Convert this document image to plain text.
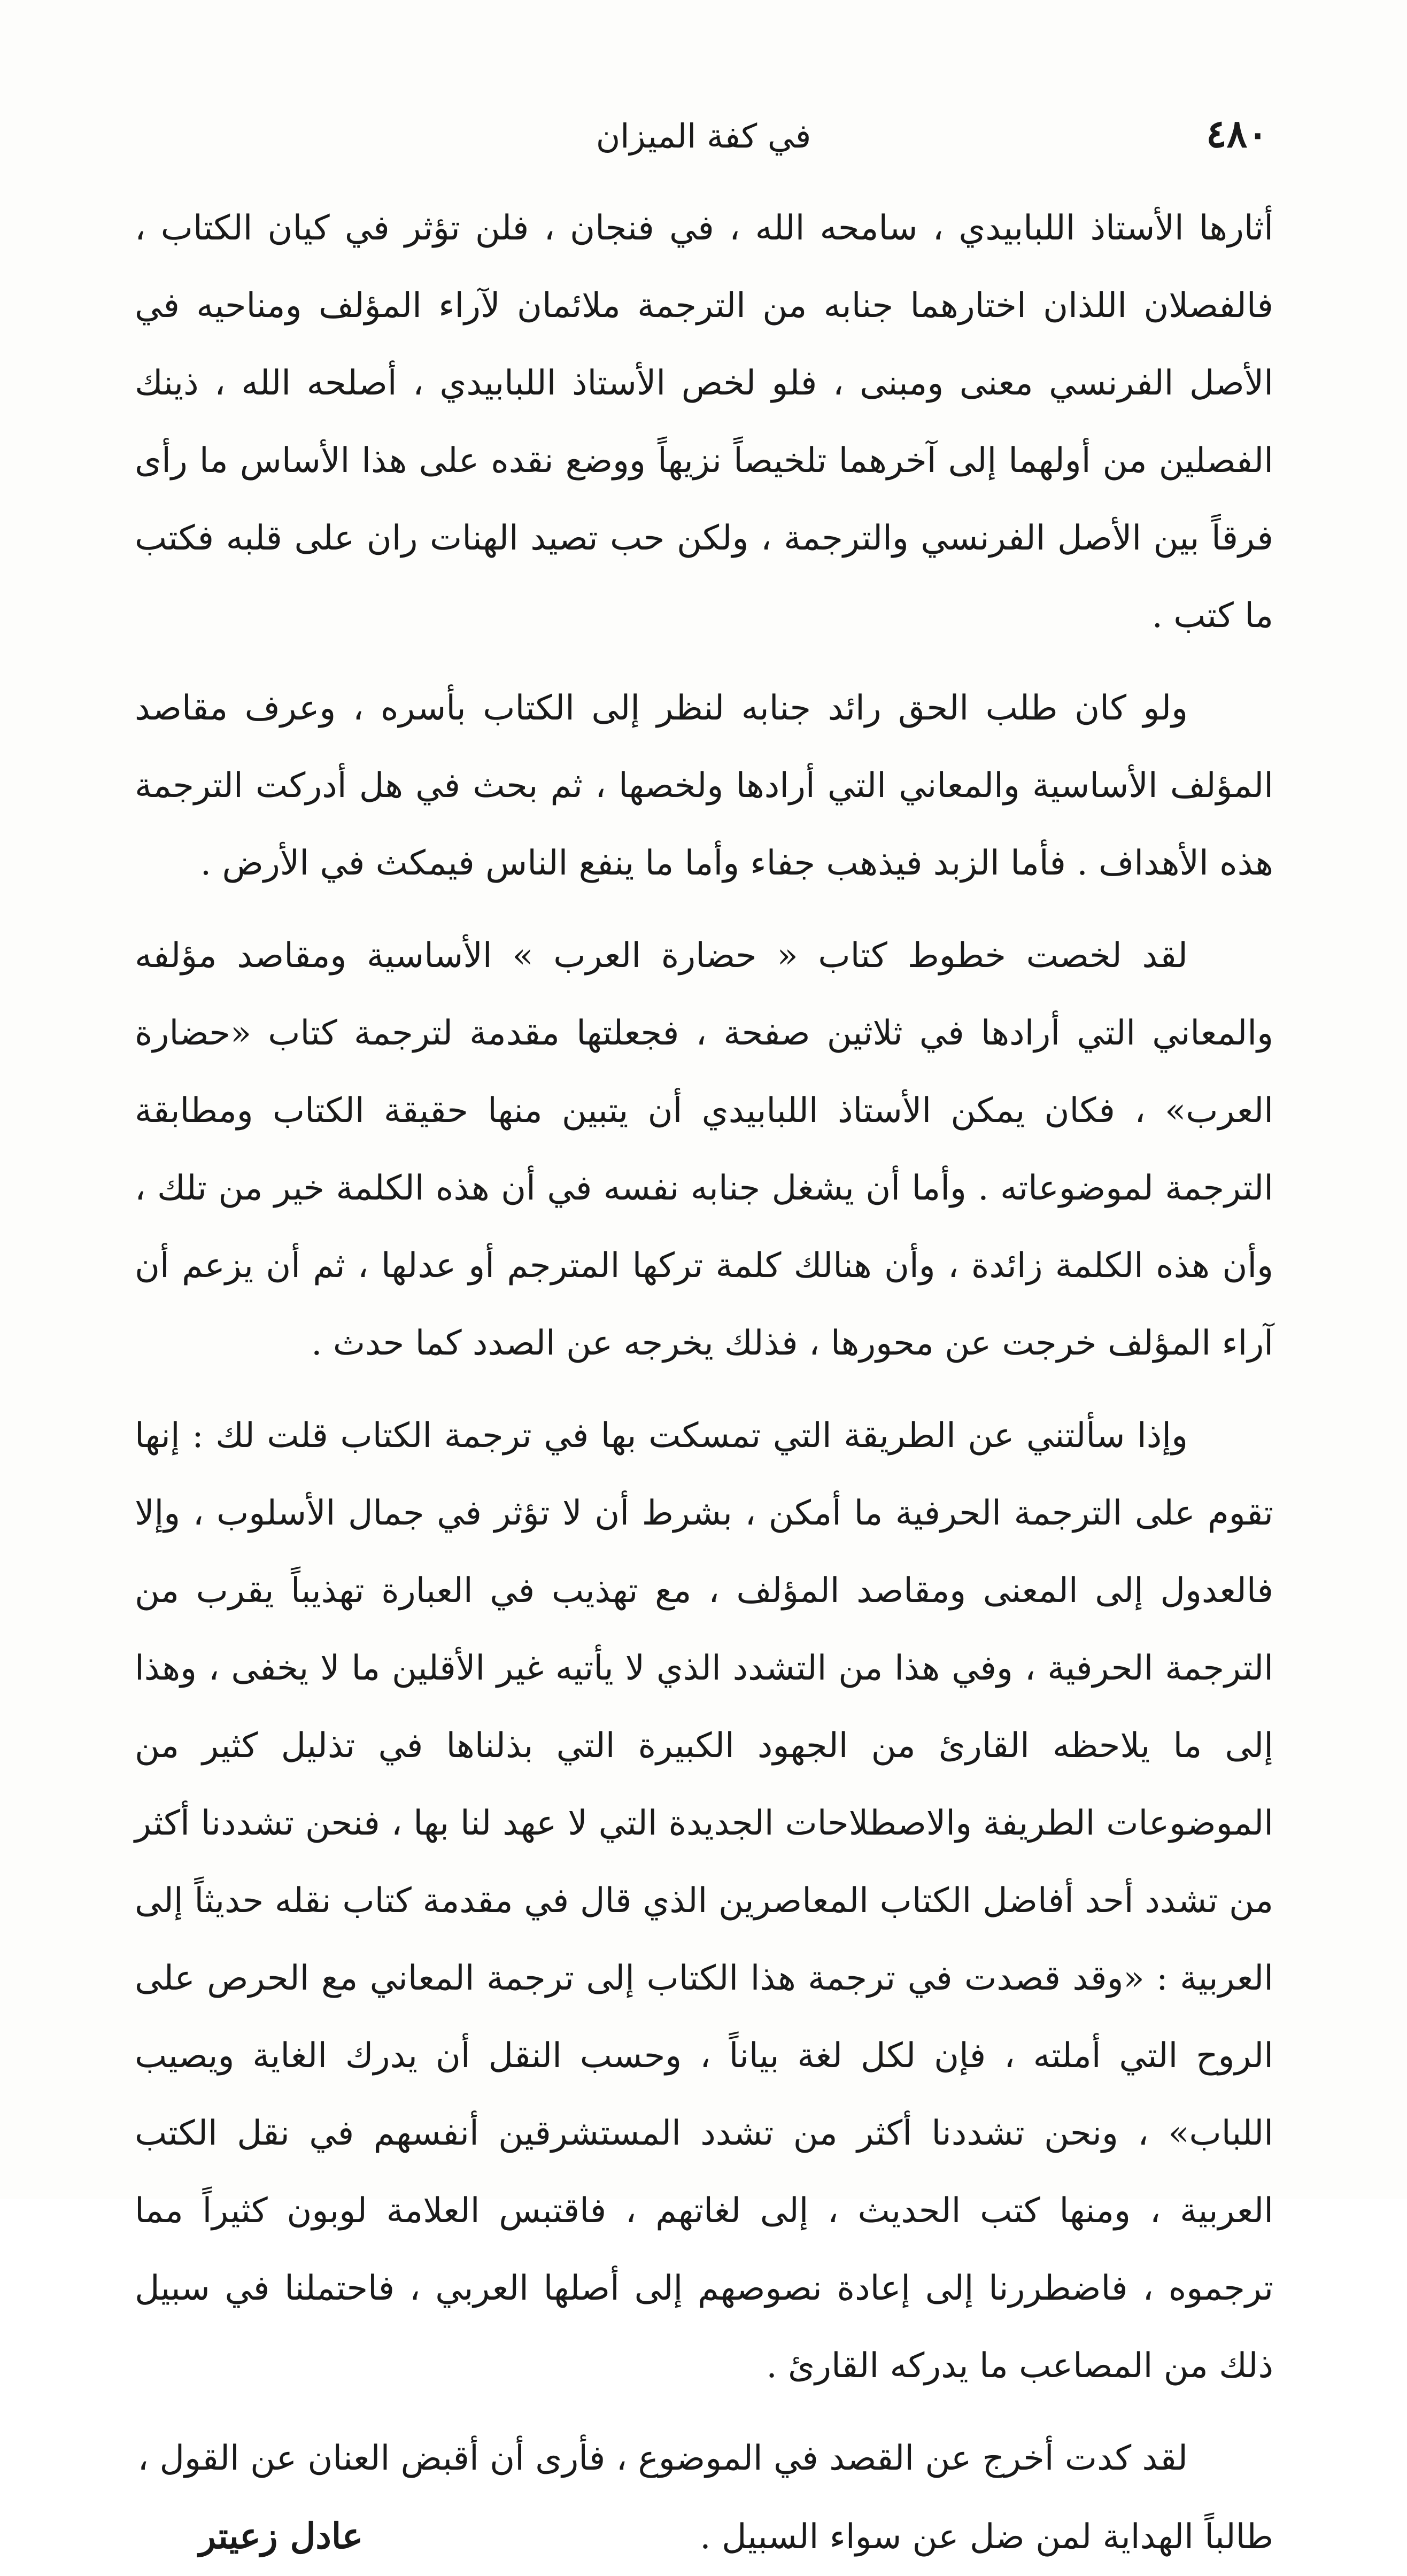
٤٨٠
في كفة الميزان

أثارها الأستاذ اللبابيدي ، سامحه الله ، في فنجان ، فلن تؤثر في كيان الكتاب ، فالفصلان اللذان اختارهما جنابه من الترجمة ملائمان لآراء المؤلف ومناحيه في الأصل الفرنسي معنى ومبنى ، فلو لخص الأستاذ اللبابيدي ، أصلحه الله ، ذينك الفصلين من أولهما إلى آخرهما تلخيصاً نزيهاً ووضع نقده على هذا الأساس ما رأى فرقاً بين الأصل الفرنسي والترجمة ، ولكن حب تصيد الهنات ران على قلبه فكتب ما كتب .

ولو كان طلب الحق رائد جنابه لنظر إلى الكتاب بأسره ، وعرف مقاصد المؤلف الأساسية والمعاني التي أرادها ولخصها ، ثم بحث في هل أدركت الترجمة هذه الأهداف . فأما الزبد فيذهب جفاء وأما ما ينفع الناس فيمكث في الأرض .

لقد لخصت خطوط كتاب « حضارة العرب » الأساسية ومقاصد مؤلفه والمعاني التي أرادها في ثلاثين صفحة ، فجعلتها مقدمة لترجمة كتاب «حضارة العرب» ، فكان يمكن الأستاذ اللبابيدي أن يتبين منها حقيقة الكتاب ومطابقة الترجمة لموضوعاته . وأما أن يشغل جنابه نفسه في أن هذه الكلمة خير من تلك ، وأن هذه الكلمة زائدة ، وأن هنالك كلمة تركها المترجم أو عدلها ، ثم أن يزعم أن آراء المؤلف خرجت عن محورها ، فذلك يخرجه عن الصدد كما حدث .

وإذا سألتني عن الطريقة التي تمسكت بها في ترجمة الكتاب قلت لك : إنها تقوم على الترجمة الحرفية ما أمكن ، بشرط أن لا تؤثر في جمال الأسلوب ، وإلا فالعدول إلى المعنى ومقاصد المؤلف ، مع تهذيب في العبارة تهذيباً يقرب من الترجمة الحرفية ، وفي هذا من التشدد الذي لا يأتيه غير الأقلين ما لا يخفى ، وهذا إلى ما يلاحظه القارئ من الجهود الكبيرة التي بذلناها في تذليل كثير من الموضوعات الطريفة والاصطلاحات الجديدة التي لا عهد لنا بها ، فنحن تشددنا أكثر من تشدد أحد أفاضل الكتاب المعاصرين الذي قال في مقدمة كتاب نقله حديثاً إلى العربية : «وقد قصدت في ترجمة هذا الكتاب إلى ترجمة المعاني مع الحرص على الروح التي أملته ، فإن لكل لغة بياناً ، وحسب النقل أن يدرك الغاية ويصيب اللباب» ، ونحن تشددنا أكثر من تشدد المستشرقين أنفسهم في نقل الكتب العربية ، ومنها كتب الحديث ، إلى لغاتهم ، فاقتبس العلامة لوبون كثيراً مما ترجموه ، فاضطررنا إلى إعادة نصوصهم إلى أصلها العربي ، فاحتملنا في سبيل ذلك من المصاعب ما يدركه القارئ .

لقد كدت أخرج عن القصد في الموضوع ، فأرى أن أقبض العنان عن القول ،

طالباً الهداية لمن ضل عن سواء السبيل .
عادل زعيتر
